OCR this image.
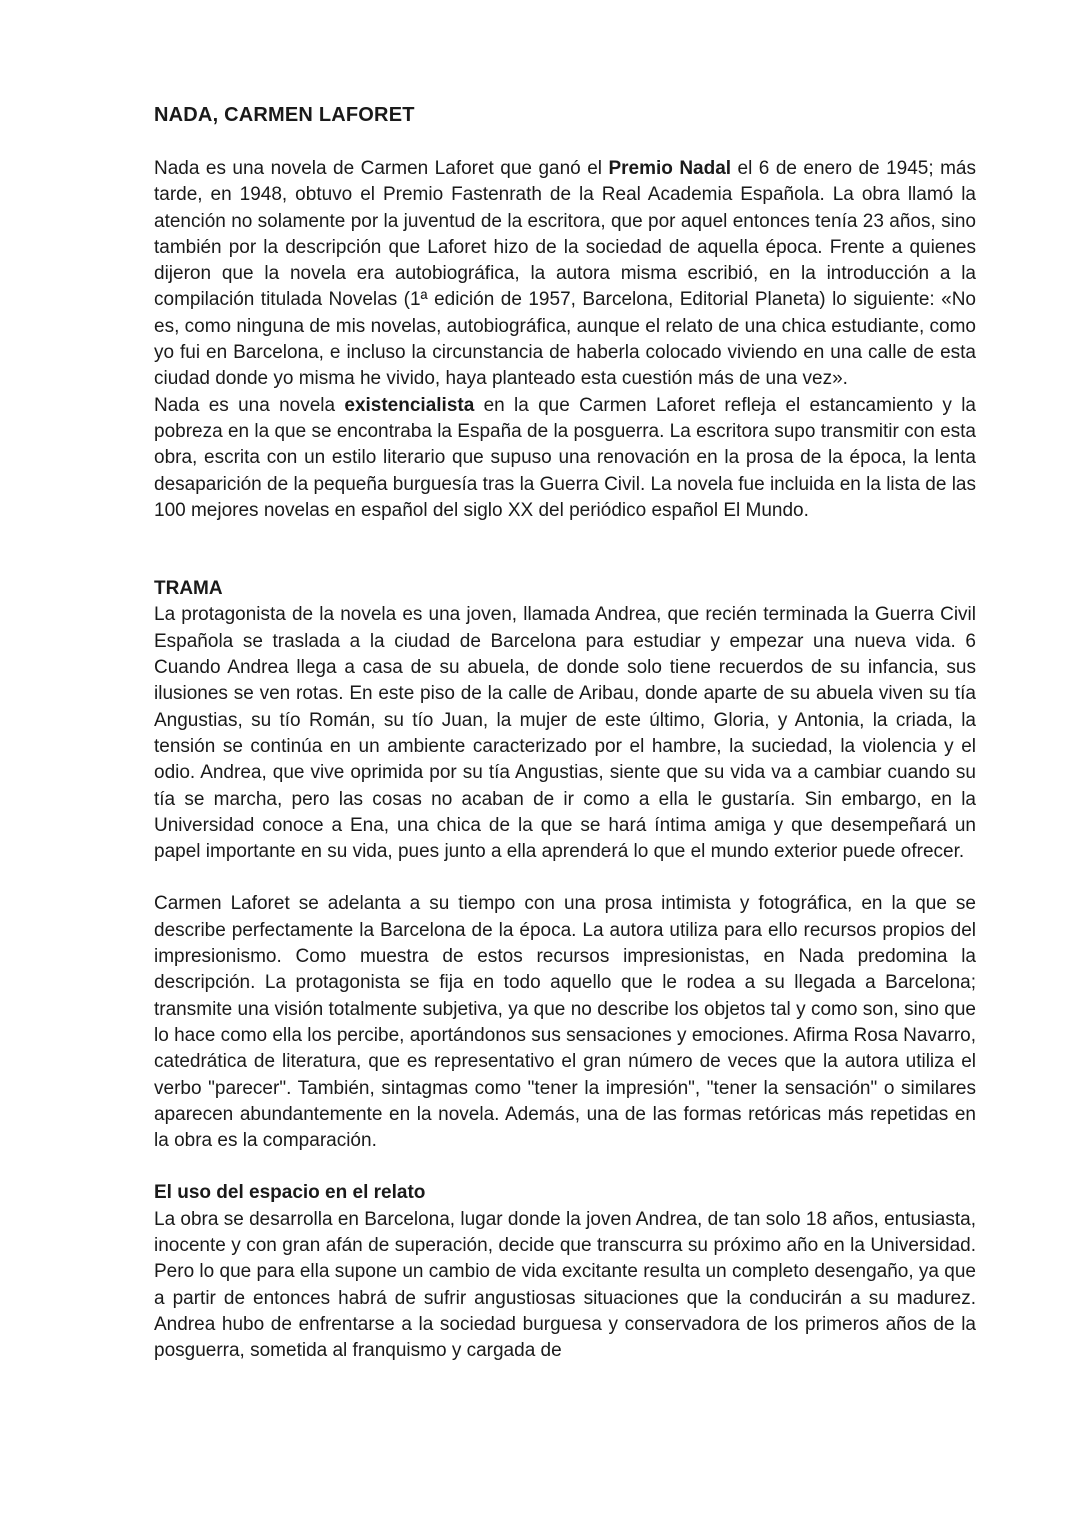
NADA, CARMEN LAFORET

Nada es una novela de Carmen Laforet que ganó el Premio Nadal el 6 de enero de 1945; más tarde, en 1948, obtuvo el Premio Fastenrath de la Real Academia Española. La obra llamó la atención no solamente por la juventud de la escritora, que por aquel entonces tenía 23 años, sino también por la descripción que Laforet hizo de la sociedad de aquella época. Frente a quienes dijeron que la novela era autobiográfica, la autora misma escribió, en la introducción a la compilación titulada Novelas (1ª edición de 1957, Barcelona, Editorial Planeta) lo siguiente: «No es, como ninguna de mis novelas, autobiográfica, aunque el relato de una chica estudiante, como yo fui en Barcelona, e incluso la circunstancia de haberla colocado viviendo en una calle de esta ciudad donde yo misma he vivido, haya planteado esta cuestión más de una vez».

Nada es una novela existencialista en la que Carmen Laforet refleja el estancamiento y la pobreza en la que se encontraba la España de la posguerra. La escritora supo transmitir con esta obra, escrita con un estilo literario que supuso una renovación en la prosa de la época, la lenta desaparición de la pequeña burguesía tras la Guerra Civil. La novela fue incluida en la lista de las 100 mejores novelas en español del siglo XX del periódico español El Mundo.

TRAMA

La protagonista de la novela es una joven, llamada Andrea, que recién terminada la Guerra Civil Española se traslada a la ciudad de Barcelona para estudiar y empezar una nueva vida. 6 Cuando Andrea llega a casa de su abuela, de donde solo tiene recuerdos de su infancia, sus ilusiones se ven rotas. En este piso de la calle de Aribau, donde aparte de su abuela viven su tía Angustias, su tío Román, su tío Juan, la mujer de este último, Gloria, y Antonia, la criada, la tensión se continúa en un ambiente caracterizado por el hambre, la suciedad, la violencia y el odio. Andrea, que vive oprimida por su tía Angustias, siente que su vida va a cambiar cuando su tía se marcha, pero las cosas no acaban de ir como a ella le gustaría. Sin embargo, en la Universidad conoce a Ena, una chica de la que se hará íntima amiga y que desempeñará un papel importante en su vida, pues junto a ella aprenderá lo que el mundo exterior puede ofrecer.

Carmen Laforet se adelanta a su tiempo con una prosa intimista y fotográfica, en la que se describe perfectamente la Barcelona de la época. La autora utiliza para ello recursos propios del impresionismo. Como muestra de estos recursos impresionistas, en Nada predomina la descripción. La protagonista se fija en todo aquello que le rodea a su llegada a Barcelona; transmite una visión totalmente subjetiva, ya que no describe los objetos tal y como son, sino que lo hace como ella los percibe, aportándonos sus sensaciones y emociones. Afirma Rosa Navarro, catedrática de literatura, que es representativo el gran número de veces que la autora utiliza el verbo "parecer". También, sintagmas como "tener la impresión", "tener la sensación" o similares aparecen abundantemente en la novela. Además, una de las formas retóricas más repetidas en la obra es la comparación.

El uso del espacio en el relato

La obra se desarrolla en Barcelona, lugar donde la joven Andrea, de tan solo 18 años, entusiasta, inocente y con gran afán de superación, decide que transcurra su próximo año en la Universidad. Pero lo que para ella supone un cambio de vida excitante resulta un completo desengaño, ya que a partir de entonces habrá de sufrir angustiosas situaciones que la conducirán a su madurez. Andrea hubo de enfrentarse a la sociedad burguesa y conservadora de los primeros años de la posguerra, sometida al franquismo y cargada de
